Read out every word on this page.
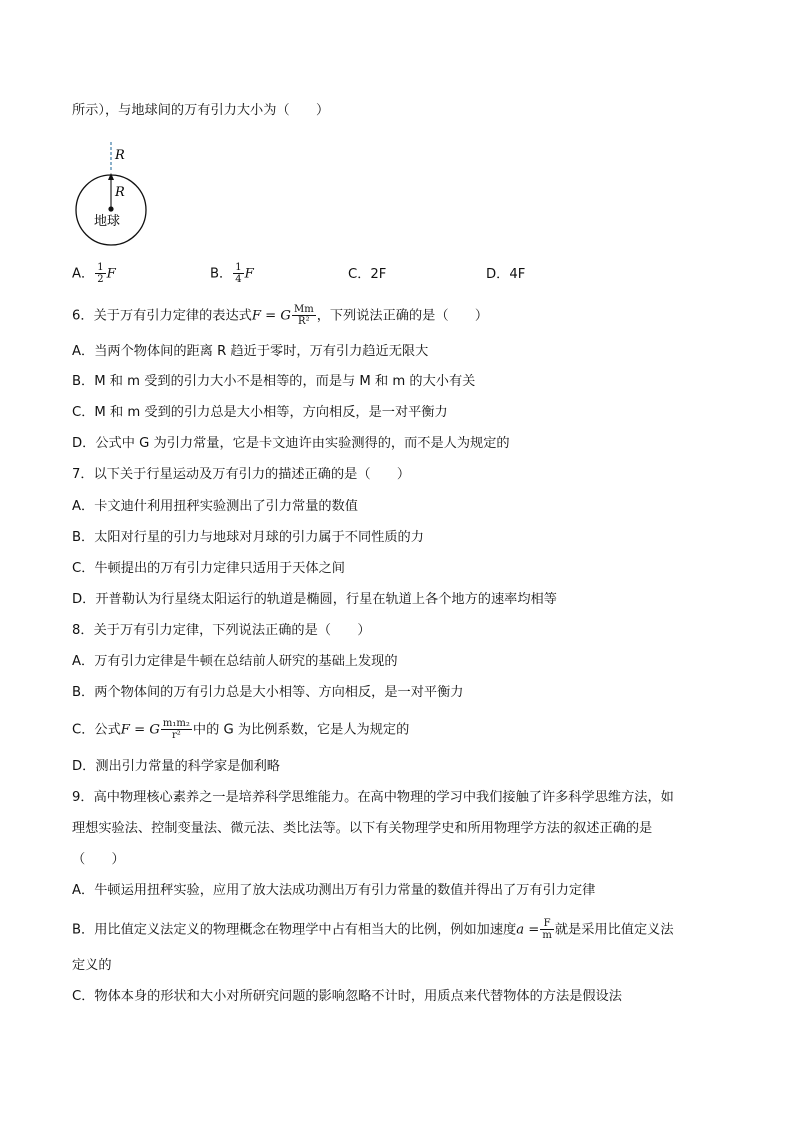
所示），与地球间的万有引力大小为（　　）
R
R
地球
A． $\frac{1}{2}$ F	B． $\frac{1}{4}$ F	C．2F	D．4F
6．关于万有引力定律的表达式F = G $\frac{Mm}{\text{R²}}$ ，下列说法正确的是（　　）
A．当两个物体间的距离 R 趋近于零时，万有引力趋近无限大
B．M 和 m 受到的引力大小不是相等的，而是与 M 和 m 的大小有关
C．M 和 m 受到的引力总是大小相等，方向相反，是一对平衡力
D．公式中 G 为引力常量，它是卡文迪许由实验测得的，而不是人为规定的
7．以下关于行星运动及万有引力的描述正确的是（　　）
A．卡文迪什利用扭秤实验测出了引力常量的数值
B．太阳对行星的引力与地球对月球的引力属于不同性质的力
C．牛顿提出的万有引力定律只适用于天体之间
D．开普勒认为行星绕太阳运行的轨道是椭圆，行星在轨道上各个地方的速率均相等
8．关于万有引力定律，下列说法正确的是（　　）
A．万有引力定律是牛顿在总结前人研究的基础上发现的
B．两个物体间的万有引力总是大小相等、方向相反，是一对平衡力
C．公式F = G $\frac{\text{m₁m₂}}{\text{r²}}$ 中的 G 为比例系数，它是人为规定的
D．测出引力常量的科学家是伽利略
9．高中物理核心素养之一是培养科学思维能力。在高中物理的学习中我们接触了许多科学思维方法，如
理想实验法、控制变量法、微元法、类比法等。以下有关物理学史和所用物理学方法的叙述正确的是
（　　）
A．牛顿运用扭秤实验，应用了放大法成功测出万有引力常量的数值并得出了万有引力定律
B．用比值定义法定义的物理概念在物理学中占有相当大的比例，例如加速度$a = \frac{F}{m}$ 就是采用比值定义法
定义的
C．物体本身的形状和大小对所研究问题的影响忽略不计时，用质点来代替物体的方法是假设法
